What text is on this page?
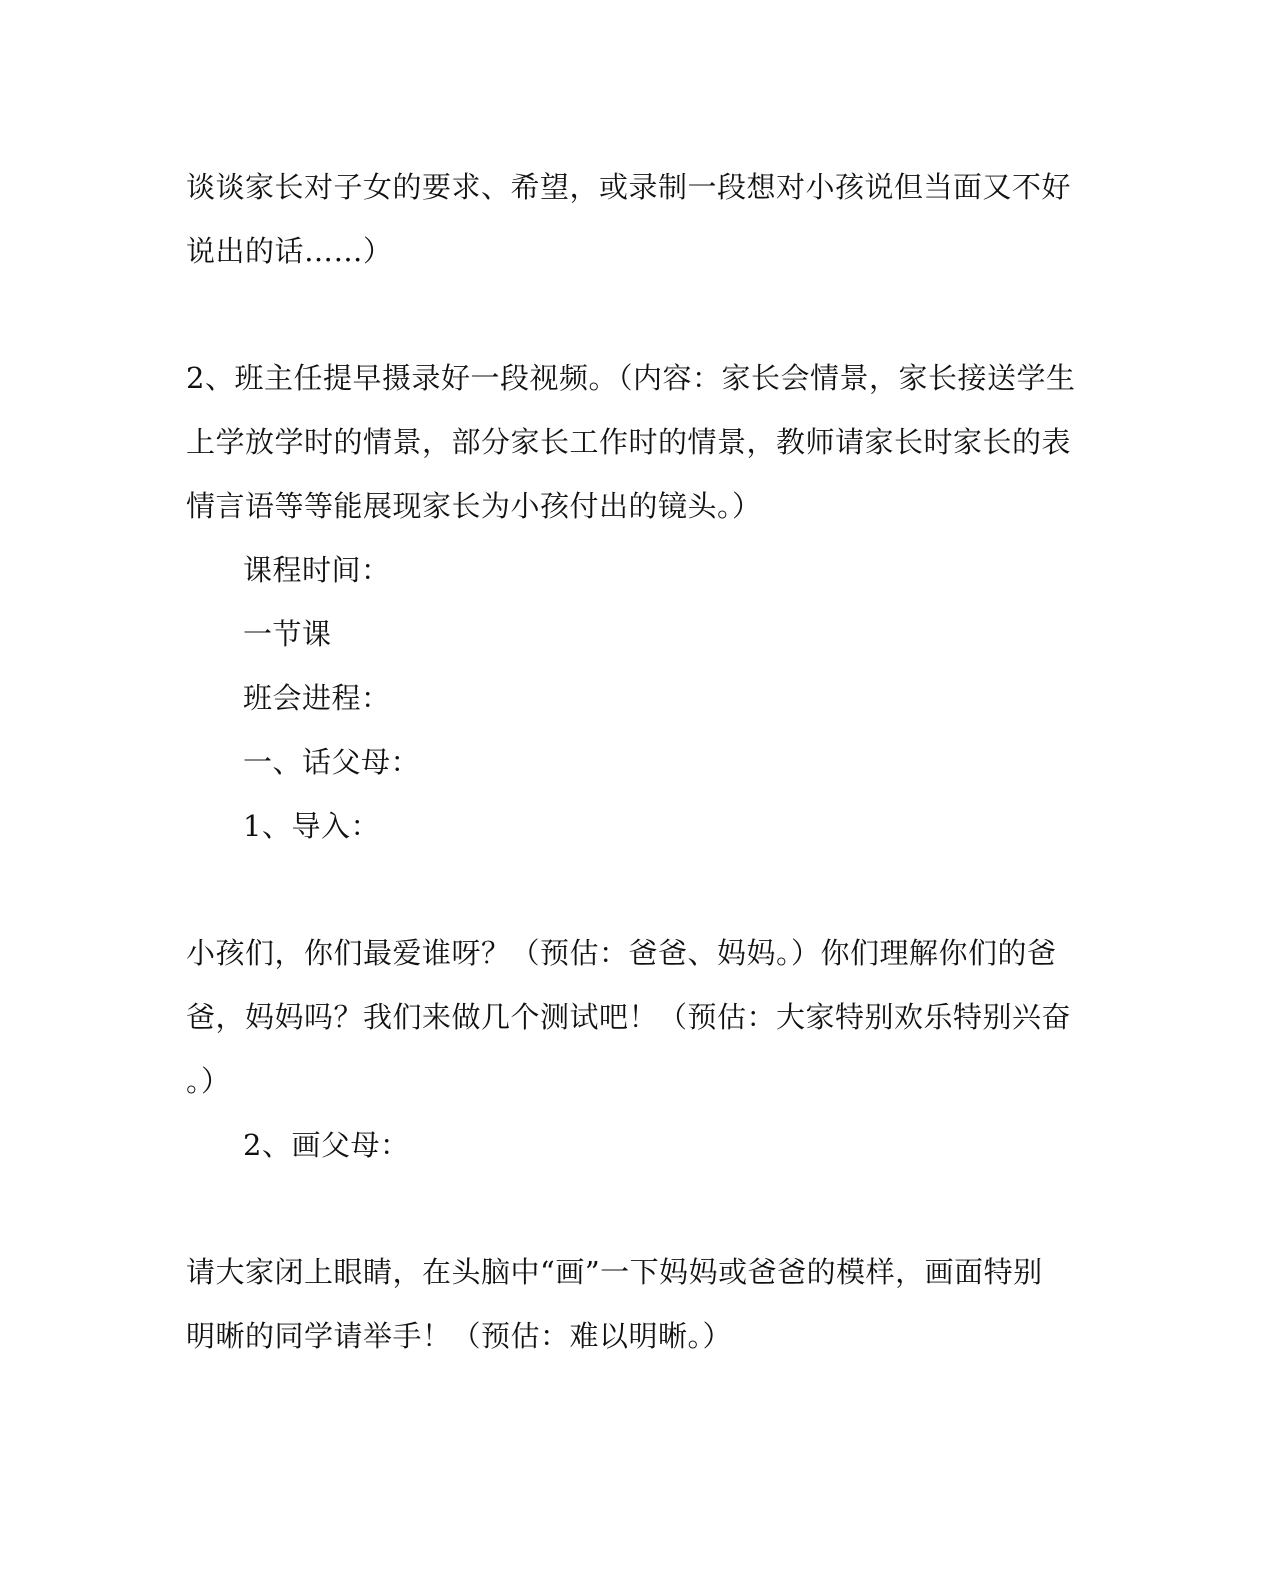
谈谈家长对子女的要求、希望，或录制一段想对小孩说但当面又不好
说出的话……）
2、班主任提早摄录好一段视频。（内容：家长会情景，家长接送学生
上学放学时的情景，部分家长工作时的情景，教师请家长时家长的表
情言语等等能展现家长为小孩付出的镜头。）
课程时间：
一节课
班会进程：
一、话父母：
1、导入：
小孩们，你们最爱谁呀？（预估：爸爸、妈妈。）你们理解你们的爸
爸，妈妈吗？我们来做几个测试吧！（预估：大家特别欢乐特别兴奋
。）
2、画父母：
请大家闭上眼睛，在头脑中“画”一下妈妈或爸爸的模样，画面特别
明晰的同学请举手！（预估：难以明晰。）
